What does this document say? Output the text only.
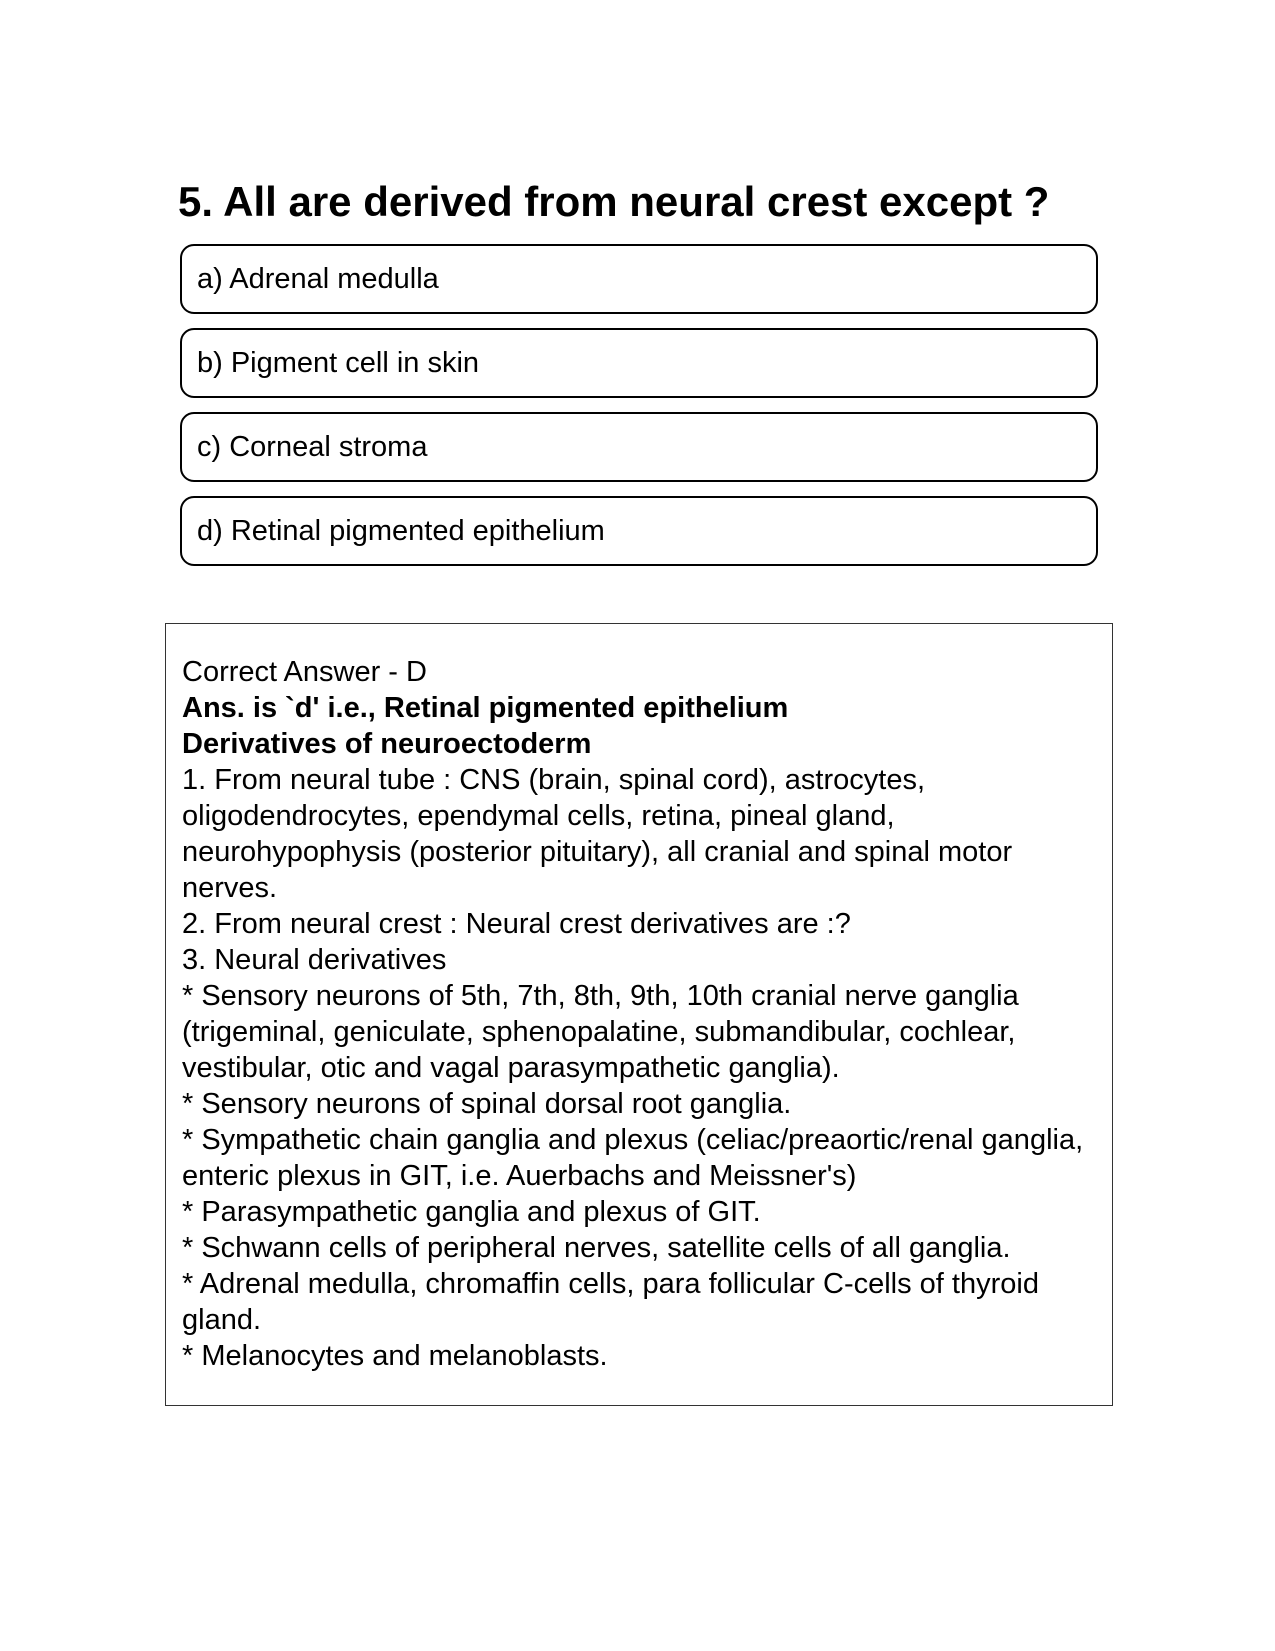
5. All are derived from neural crest except ?
a) Adrenal medulla
b) Pigment cell in skin
c) Corneal stroma
d) Retinal pigmented epithelium
Correct Answer - D
Ans. is `d' i.e., Retinal pigmented epithelium
Derivatives of neuroectoderm
1. From neural tube : CNS (brain, spinal cord), astrocytes, oligodendrocytes, ependymal cells, retina, pineal gland, neurohypophysis (posterior pituitary), all cranial and spinal motor nerves.
2. From neural crest : Neural crest derivatives are :?
3. Neural derivatives
* Sensory neurons of 5th, 7th, 8th, 9th, 10th cranial nerve ganglia (trigeminal, geniculate, sphenopalatine, submandibular, cochlear, vestibular, otic and vagal parasympathetic ganglia).
* Sensory neurons of spinal dorsal root ganglia.
* Sympathetic chain ganglia and plexus (celiac/preaortic/renal ganglia, enteric plexus in GIT, i.e. Auerbachs and Meissner's)
* Parasympathetic ganglia and plexus of GIT.
* Schwann cells of peripheral nerves, satellite cells of all ganglia.
* Adrenal medulla, chromaffin cells, para follicular C-cells of thyroid gland.
* Melanocytes and melanoblasts.
